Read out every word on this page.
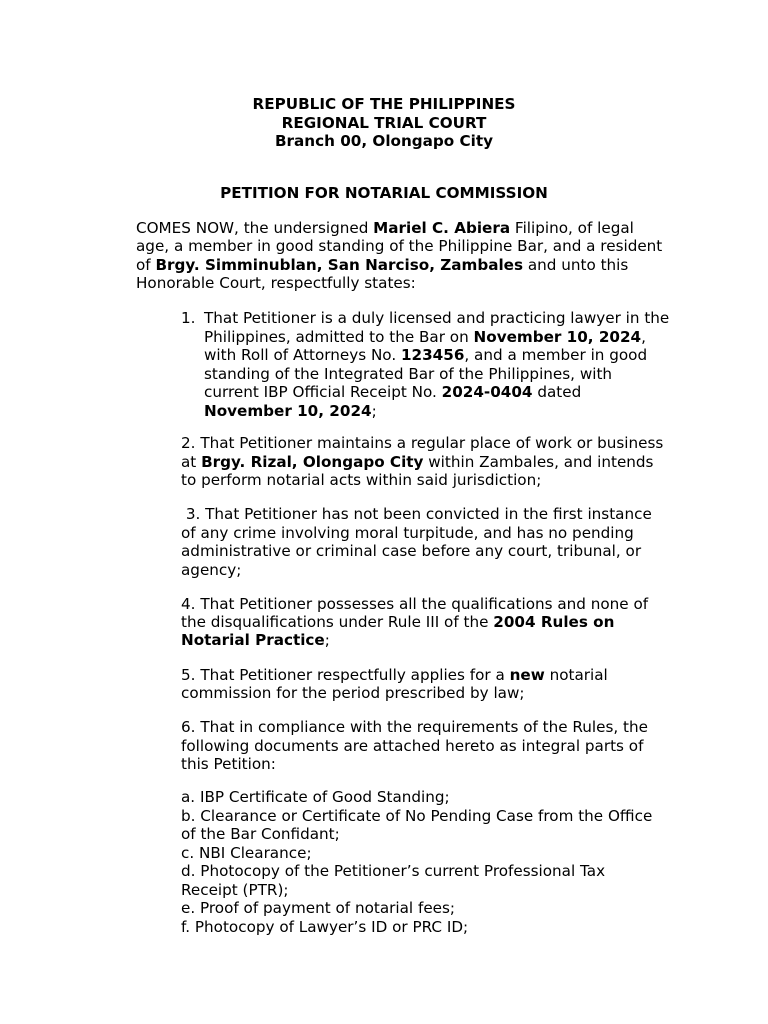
REPUBLIC OF THE PHILIPPINES
REGIONAL TRIAL COURT
Branch 00, Olongapo City
PETITION FOR NOTARIAL COMMISSION
COMES NOW, the undersigned Mariel C. Abiera Filipino, of legal
age, a member in good standing of the Philippine Bar, and a resident
of Brgy. Simminublan, San Narciso, Zambales and unto this
Honorable Court, respectfully states:
1. That Petitioner is a duly licensed and practicing lawyer in the
Philippines, admitted to the Bar on November 10, 2024,
with Roll of Attorneys No. 123456, and a member in good
standing of the Integrated Bar of the Philippines, with
current IBP Official Receipt No. 2024-0404 dated
November 10, 2024;
2. That Petitioner maintains a regular place of work or business
at Brgy. Rizal, Olongapo City within Zambales, and intends
to perform notarial acts within said jurisdiction;
3. That Petitioner has not been convicted in the first instance
of any crime involving moral turpitude, and has no pending
administrative or criminal case before any court, tribunal, or
agency;
4. That Petitioner possesses all the qualifications and none of
the disqualifications under Rule III of the 2004 Rules on
Notarial Practice;
5. That Petitioner respectfully applies for a new notarial
commission for the period prescribed by law;
6. That in compliance with the requirements of the Rules, the
following documents are attached hereto as integral parts of
this Petition:
a. IBP Certificate of Good Standing;
b. Clearance or Certificate of No Pending Case from the Office
of the Bar Confidant;
c. NBI Clearance;
d. Photocopy of the Petitioner’s current Professional Tax
Receipt (PTR);
e. Proof of payment of notarial fees;
f. Photocopy of Lawyer’s ID or PRC ID;
